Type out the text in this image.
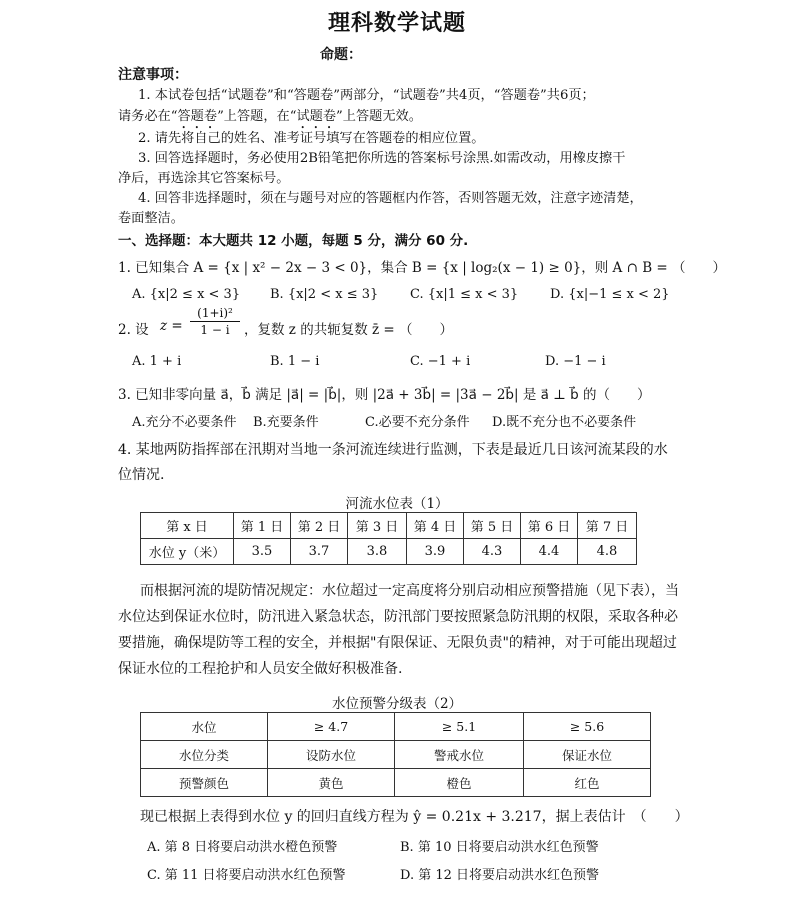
理科数学试题
命题：
注意事项：
1. 本试卷包括“试题卷”和“答题卷”两部分，“试题卷”共4页，“答题卷”共6页；
请务必在“答题卷”上答题，在“试题卷”上答题无效。
2. 请先将自己的姓名、准考证号填写在答题卷的相应位置。
3. 回答选择题时，务必使用2B铅笔把你所选的答案标号涂黑.如需改动，用橡皮擦干
净后，再选涂其它答案标号。
4. 回答非选择题时，须在与题号对应的答题框内作答，否则答题无效，注意字迹清楚，
卷面整洁。
一、选择题：本大题共 12 小题，每题 5 分，满分 60 分.
1. 已知集合 A = {x | x² − 2x − 3 < 0}，集合 B = {x | log₂(x − 1) ≥ 0}，则 A ∩ B = （　　）
A. {x|2 ≤ x < 3} B. {x|2 < x ≤ 3} C. {x|1 ≤ x < 3} D. {x|−1 ≤ x < 2}
2. 设 $z = \frac{\text{(1+i)²}}{1 - i}$ ，复数 z 的共轭复数 z̄ = （　　）
A. 1 + i	B. 1 − i	C. −1 + i	D. −1 − i
3. 已知非零向量 a⃗，b⃗ 满足 |a⃗| = |b⃗|，则 |2a⃗ + 3b⃗| = |3a⃗ − 2b⃗| 是 a⃗ ⊥ b⃗ 的（　　）
A.充分不必要条件 B.充要条件	C.必要不充分条件 D.既不充分也不必要条件
4. 某地两防指挥部在汛期对当地一条河流连续进行监测，下表是最近几日该河流某段的水
位情况.
河流水位表（1）
第 x 日	第 1 日	第 2 日	第 3 日	第 4 日	第 5 日	第 6 日	第 7 日
水位 y（米）	3.5	3.7	3.8	3.9	4.3	4.4	4.8
而根据河流的堤防情况规定：水位超过一定高度将分别启动相应预警措施（见下表），当
水位达到保证水位时，防汛进入紧急状态，防汛部门要按照紧急防汛期的权限，采取各种必
要措施，确保堤防等工程的安全，并根据"有限保证、无限负责"的精神，对于可能出现超过
保证水位的工程抢护和人员安全做好积极准备.
水位预警分级表（2）
水位	≥ 4.7	≥ 5.1	≥ 5.6
水位分类	设防水位	警戒水位	保证水位
预警颜色	黄色	橙色	红色
现已根据上表得到水位 y 的回归直线方程为 ŷ = 0.21x + 3.217，据上表估计　（　　）
A. 第 8 日将要启动洪水橙色预警	B. 第 10 日将要启动洪水红色预警
C. 第 11 日将要启动洪水红色预警	D. 第 12 日将要启动洪水红色预警
